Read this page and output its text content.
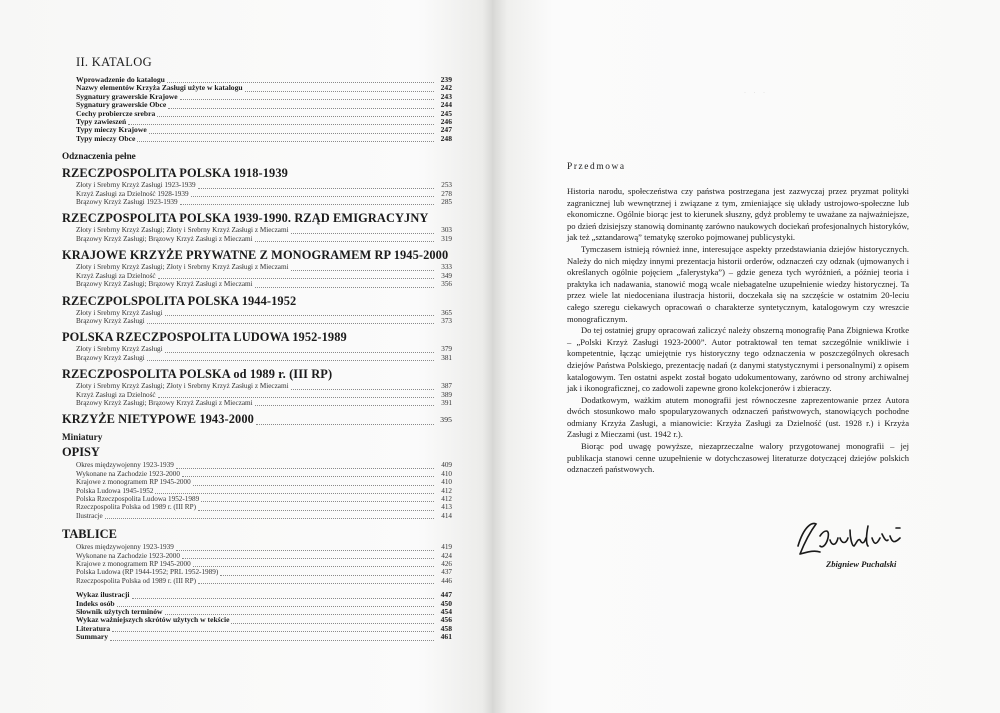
II. KATALOG
Wprowadzenie do katalogu	239
Nazwy elementów Krzyża Zasługi użyte w katalogu	242
Sygnatury grawerskie Krajowe	243
Sygnatury grawerskie Obce	244
Cechy probiercze srebra	245
Typy zawieszeń	246
Typy mieczy Krajowe	247
Typy mieczy Obce	248
Odznaczenia pełne
RZECZPOSPOLITA POLSKA 1918-1939
Złoty i Srebrny Krzyż Zasługi 1923-1939	253
Krzyż Zasługi za Dzielność 1928-1939	278
Brązowy Krzyż Zasługi 1923-1939	285
RZECZPOSPOLITA POLSKA 1939-1990. RZĄD EMIGRACYJNY
Złoty i Srebrny Krzyż Zasługi; Złoty i Srebrny Krzyż Zasługi z Mieczami	303
Brązowy Krzyż Zasługi; Brązowy Krzyż Zasługi z Mieczami	319
KRAJOWE KRZYŻE PRYWATNE Z MONOGRAMEM RP 1945-2000
Złoty i Srebrny Krzyż Zasługi; Złoty i Srebrny Krzyż Zasługi z Mieczami	333
Krzyż Zasługi za Dzielność	349
Brązowy Krzyż Zasługi; Brązowy Krzyż Zasługi z Mieczami	356
RZECZPOLSPOLITA POLSKA 1944-1952
Złoty i Srebrny Krzyż Zasługi	365
Brązowy Krzyż Zasługi	373
POLSKA RZECZPOSPOLITA LUDOWA 1952-1989
Złoty i Srebrny Krzyż Zasługi	379
Brązowy Krzyż Zasługi	381
RZECZPOSPOLITA POLSKA od 1989 r. (III RP)
Złoty i Srebrny Krzyż Zasługi; Złoty i Srebrny Krzyż Zasługi z Mieczami	387
Krzyż Zasługi za Dzielność	389
Brązowy Krzyż Zasługi; Brązowy Krzyż Zasługi z Mieczami	391
KRZYŻE NIETYPOWE 1943-2000	395
Miniatury
OPISY
Okres międzywojenny 1923-1939	409
Wykonane na Zachodzie 1923-2000	410
Krajowe z monogramem RP 1945-2000	410
Polska Ludowa 1945-1952	412
Polska Rzeczpospolita Ludowa 1952-1989	412
Rzeczpospolita Polska od 1989 r. (III RP)	413
Ilustracje	414
TABLICE
Okres międzywojenny 1923-1939	419
Wykonane na Zachodzie 1923-2000	424
Krajowe z monogramem RP 1945-2000	426
Polska Ludowa (RP 1944-1952; PRL 1952-1989)	437
Rzeczpospolita Polska od 1989 r. (III RP)	446
Wykaz ilustracji	447
Indeks osób	450
Słownik użytych terminów	454
Wykaz ważniejszych skrótów użytych w tekście	456
Literatura	458
Summary	461
˙ ˙ ˙
Przedmowa

Historia narodu, społeczeństwa czy państwa postrzegana jest zazwyczaj przez pryzmat polityki zagranicznej lub wewnętrznej i związane z tym, zmieniające się układy ustrojowo-społeczne lub ekonomiczne. Ogólnie biorąc jest to kierunek słuszny, gdyż problemy te uważane za najważniejsze, po dzień dzisiejszy stanowią dominantę zarówno naukowych dociekań profesjonalnych historyków, jak też „sztandarową” tematykę szeroko pojmowanej publicystyki.

Tymczasem istnieją również inne, interesujące aspekty przedstawiania dziejów historycznych. Należy do nich między innymi prezentacja historii orderów, odznaczeń czy odznak (ujmowanych i określanych ogólnie pojęciem „falerystyka”) – gdzie geneza tych wyróżnień, a później teoria i praktyka ich nadawania, stanowić mogą wcale niebagatelne uzupełnienie wiedzy historycznej. Ta przez wiele lat niedoceniana ilustracja historii, doczekała się na szczęście w ostatnim 20-leciu całego szeregu ciekawych opracowań o charakterze syntetycznym, katalogowym czy wreszcie monograficznym.

Do tej ostatniej grupy opracowań zaliczyć należy obszerną monografię Pana Zbigniewa Krotke – „Polski Krzyż Zasługi 1923-2000”. Autor potraktował ten temat szczególnie wnikliwie i kompetentnie, łącząc umiejętnie rys historyczny tego odznaczenia w poszczególnych okresach dziejów Państwa Polskiego, prezentację nadań (z danymi statystycznymi i personalnymi) z opisem katalogowym. Ten ostatni aspekt został bogato udokumentowany, zarówno od strony archiwalnej jak i ikonograficznej, co zadowoli zapewne grono kolekcjonerów i zbieraczy.

Dodatkowym, ważkim atutem monografii jest równoczesne zaprezentowanie przez Autora dwóch stosunkowo mało spopularyzowanych odznaczeń państwowych, stanowiących pochodne odmiany Krzyża Zasługi, a mianowicie: Krzyża Zasługi za Dzielność (ust. 1928 r.) i Krzyża Zasługi z Mieczami (ust. 1942 r.).

Biorąc pod uwagę powyższe, niezaprzeczalne walory przygotowanej monografii – jej publikacja stanowi cenne uzupełnienie w dotychczasowej literaturze dotyczącej dziejów polskich odznaczeń państwowych.

Zbigniew Puchalski
